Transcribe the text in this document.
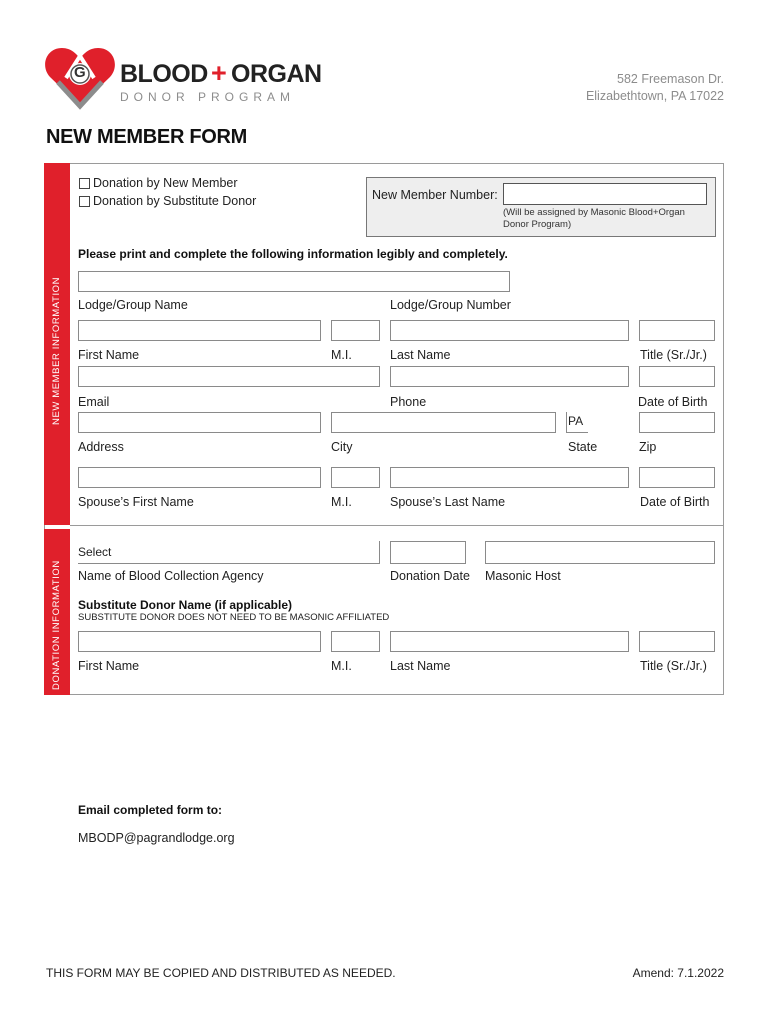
G BLOOD + ORGAN
DONOR PROGRAM
582 Freemason Dr.
Elizabethtown, PA 17022
NEW MEMBER FORM
NEW MEMBER INFORMATION
DONATION INFORMATION
Donation by New Member
Donation by Substitute Donor	New Member Number:
(Will be assigned by Masonic Blood+Organ Donor Program)
Please print and complete the following information legibly and completely.
Lodge/Group Name	Lodge/Group Number
First Name	M.I.	Last Name	Title (Sr./Jr.)
Email	Phone	Date of Birth
PA
Address	City	State	Zip
Spouse’s First Name	M.I.	Spouse’s Last Name	Date of Birth
Select
Name of Blood Collection Agency	Donation Date Masonic Host
Substitute Donor Name (if applicable)
SUBSTITUTE DONOR DOES NOT NEED TO BE MASONIC AFFILIATED
First Name	M.I.	Last Name	Title (Sr./Jr.)
Email completed form to:
MBODP@pagrandlodge.org
THIS FORM MAY BE COPIED AND DISTRIBUTED AS NEEDED.	Amend: 7.1.2022
